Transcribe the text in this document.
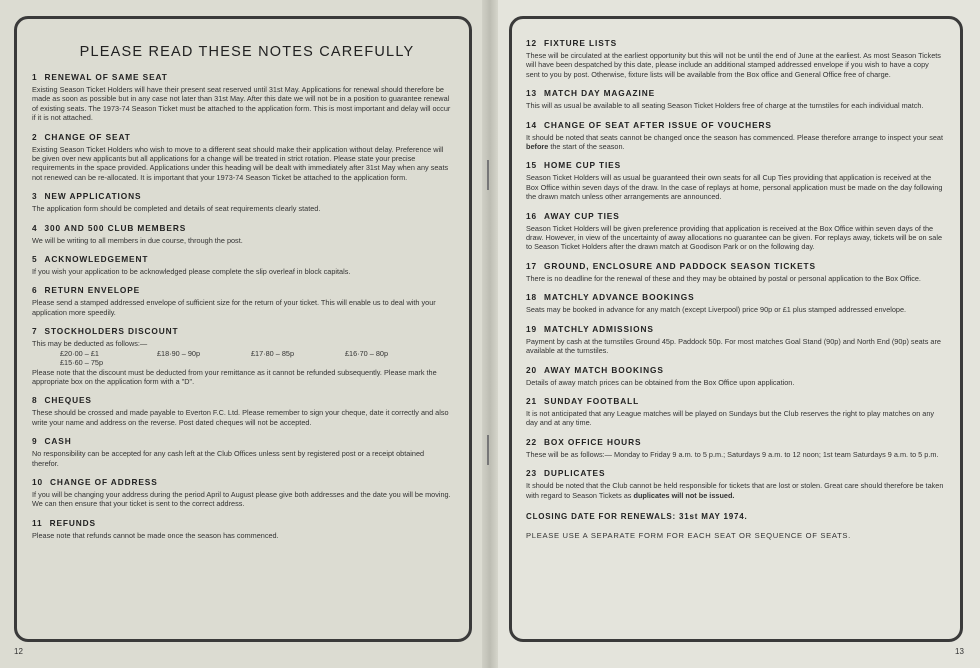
PLEASE READ THESE NOTES CAREFULLY
1 RENEWAL OF SAME SEAT
Existing Season Ticket Holders will have their present seat reserved until 31st May. Applications for renewal should therefore be made as soon as possible but in any case not later than 31st May. After this date we will not be in a position to guarantee renewal of existing seats. The 1973-74 Season Ticket must be attached to the application form. This is most important and delay will occur if it is not attached.
2 CHANGE OF SEAT
Existing Season Ticket Holders who wish to move to a different seat should make their application without delay. Preference will be given over new applicants but all applications for a change will be treated in strict rotation. Please state your precise requirements in the space provided. Applications under this heading will be dealt with immediately after 31st May when any seats not renewed can be re-allocated. It is important that your 1973-74 Season Ticket be attached to the application form.
3 NEW APPLICATIONS
The application form should be completed and details of seat requirements clearly stated.
4 300 AND 500 CLUB MEMBERS
We will be writing to all members in due course, through the post.
5 ACKNOWLEDGEMENT
If you wish your application to be acknowledged please complete the slip overleaf in block capitals.
6 RETURN ENVELOPE
Please send a stamped addressed envelope of sufficient size for the return of your ticket. This will enable us to deal with your application more speedily.
7 STOCKHOLDERS DISCOUNT
This may be deducted as follows:—
£20·00 – £1	£18·90 – 90p	£17·80 – 85p	£16·70 – 80p
£15·60 – 75p
Please note that the discount must be deducted from your remittance as it cannot be refunded subsequently. Please mark the appropriate box on the application form with a "D".
8 CHEQUES
These should be crossed and made payable to Everton F.C. Ltd. Please remember to sign your cheque, date it correctly and also write your name and address on the reverse. Post dated cheques will not be accepted.
9 CASH
No responsibility can be accepted for any cash left at the Club Offices unless sent by registered post or a receipt obtained therefor.
10 CHANGE OF ADDRESS
If you will be changing your address during the period April to August please give both addresses and the date you will be moving. We can then ensure that your ticket is sent to the correct address.
11 REFUNDS
Please note that refunds cannot be made once the season has commenced.
12 FIXTURE LISTS
These will be circulated at the earliest opportunity but this will not be until the end of June at the earliest. As most Season Tickets will have been despatched by this date, please include an additional stamped addressed envelope if you wish to have a copy sent to you by post. Otherwise, fixture lists will be available from the Box office and General Office free of charge.
13 MATCH DAY MAGAZINE
This will as usual be available to all seating Season Ticket Holders free of charge at the turnstiles for each individual match.
14 CHANGE OF SEAT AFTER ISSUE OF VOUCHERS
It should be noted that seats cannot be changed once the season has commenced. Please therefore arrange to inspect your seat before the start of the season.
15 HOME CUP TIES
Season Ticket Holders will as usual be guaranteed their own seats for all Cup Ties providing that application is received at the Box Office within seven days of the draw. In the case of replays at home, personal application must be made on the day following the drawn match unless other arrangements are announced.
16 AWAY CUP TIES
Season Ticket Holders will be given preference providing that application is received at the Box Office within seven days of the draw. However, in view of the uncertainty of away allocations no guarantee can be given. For replays away, tickets will be on sale to Season Ticket Holders after the drawn match at Goodison Park or on the following day.
17 GROUND, ENCLOSURE AND PADDOCK SEASON TICKETS
There is no deadline for the renewal of these and they may be obtained by postal or personal application to the Box Office.
18 MATCHLY ADVANCE BOOKINGS
Seats may be booked in advance for any match (except Liverpool) price 90p or £1 plus stamped addressed envelope.
19 MATCHLY ADMISSIONS
Payment by cash at the turnstiles Ground 45p. Paddock 50p. For most matches Goal Stand (90p) and North End (90p) seats are available at the turnstiles.
20 AWAY MATCH BOOKINGS
Details of away match prices can be obtained from the Box Office upon application.
21 SUNDAY FOOTBALL
It is not anticipated that any League matches will be played on Sundays but the Club reserves the right to play matches on any day and at any time.
22 BOX OFFICE HOURS
These will be as follows:— Monday to Friday 9 a.m. to 5 p.m.; Saturdays 9 a.m. to 12 noon; 1st team Saturdays 9 a.m. to 5 p.m.
23 DUPLICATES
It should be noted that the Club cannot be held responsible for tickets that are lost or stolen. Great care should therefore be taken with regard to Season Tickets as duplicates will not be issued.
CLOSING DATE FOR RENEWALS: 31st MAY 1974.
PLEASE USE A SEPARATE FORM FOR EACH SEAT OR SEQUENCE OF SEATS.
12	13
